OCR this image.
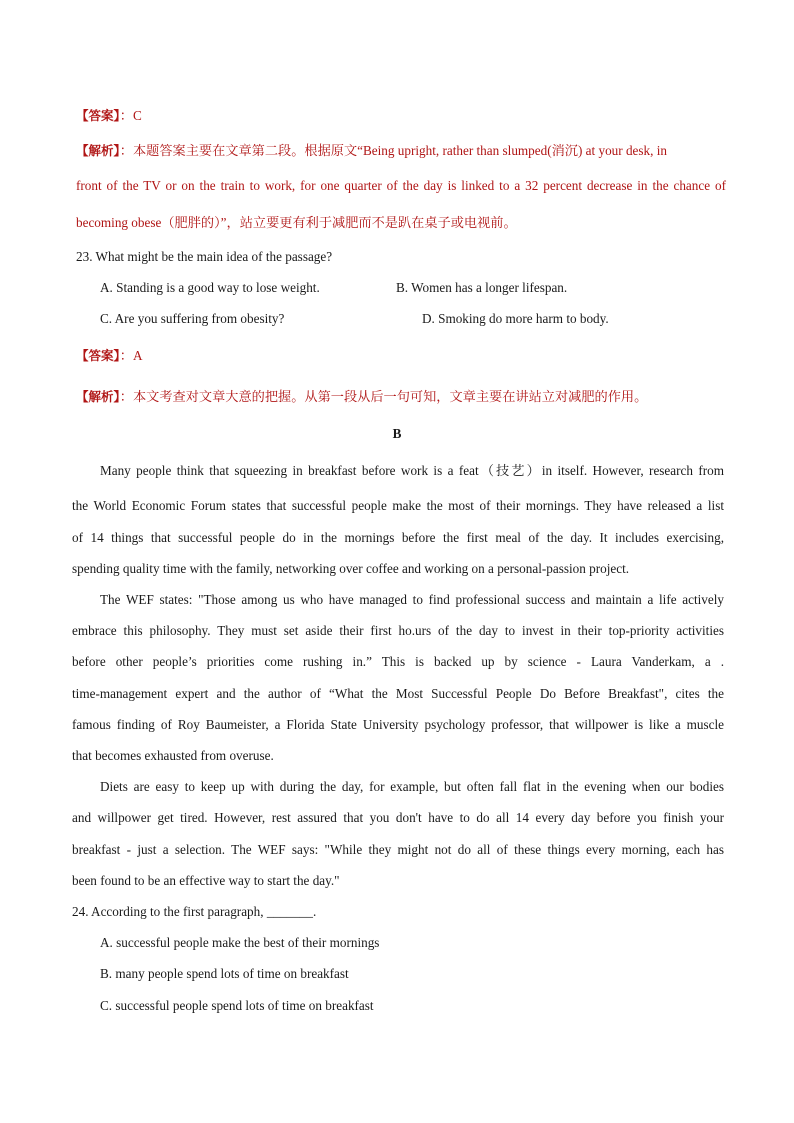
【答案】：C
【解析】：本题答案主要在文章第二段。根据原文“Being upright, rather than slumped(消沉) at your desk, in
front of the TV or on the train to work, for one quarter of the day is linked to a 32 percent decrease in the chance of
becoming obese（肥胖的）”，站立要更有利于减肥而不是趴在桌子或电视前。
23. What might be the main idea of the passage?
A. Standing is a good way to lose weight.	B. Women has a longer lifespan.
C. Are you suffering from obesity?	D. Smoking do more harm to body.
【答案】：A
【解析】：本文考查对文章大意的把握。从第一段从后一句可知，文章主要在讲站立对减肥的作用。
B
Many people think that squeezing in breakfast before work is a feat（技艺）in itself. However, research from
the World Economic Forum states that successful people make the most of their mornings. They have released a list
of 14 things that successful people do in the mornings before the first meal of the day. It includes exercising,
spending quality time with the family, networking over coffee and working on a personal-passion project.
The WEF states: "Those among us who have managed to find professional success and maintain a life actively
embrace this philosophy. They must set aside their first ho.urs of the day to invest in their top-priority activities
before other people’s priorities come rushing in.” This is backed up by science - Laura Vanderkam, a .
time-management expert and the author of “What the Most Successful People Do Before Breakfast", cites the
famous finding of Roy Baumeister, a Florida State University psychology professor, that willpower is like a muscle
that becomes exhausted from overuse.
Diets are easy to keep up with during the day, for example, but often fall flat in the evening when our bodies
and willpower get tired. However, rest assured that you don't have to do all 14 every day before you finish your
breakfast - just a selection. The WEF says: "While they might not do all of these things every morning, each has
been found to be an effective way to start the day."
24. According to the first paragraph, _______.
A. successful people make the best of their mornings
B. many people spend lots of time on breakfast
C. successful people spend lots of time on breakfast
